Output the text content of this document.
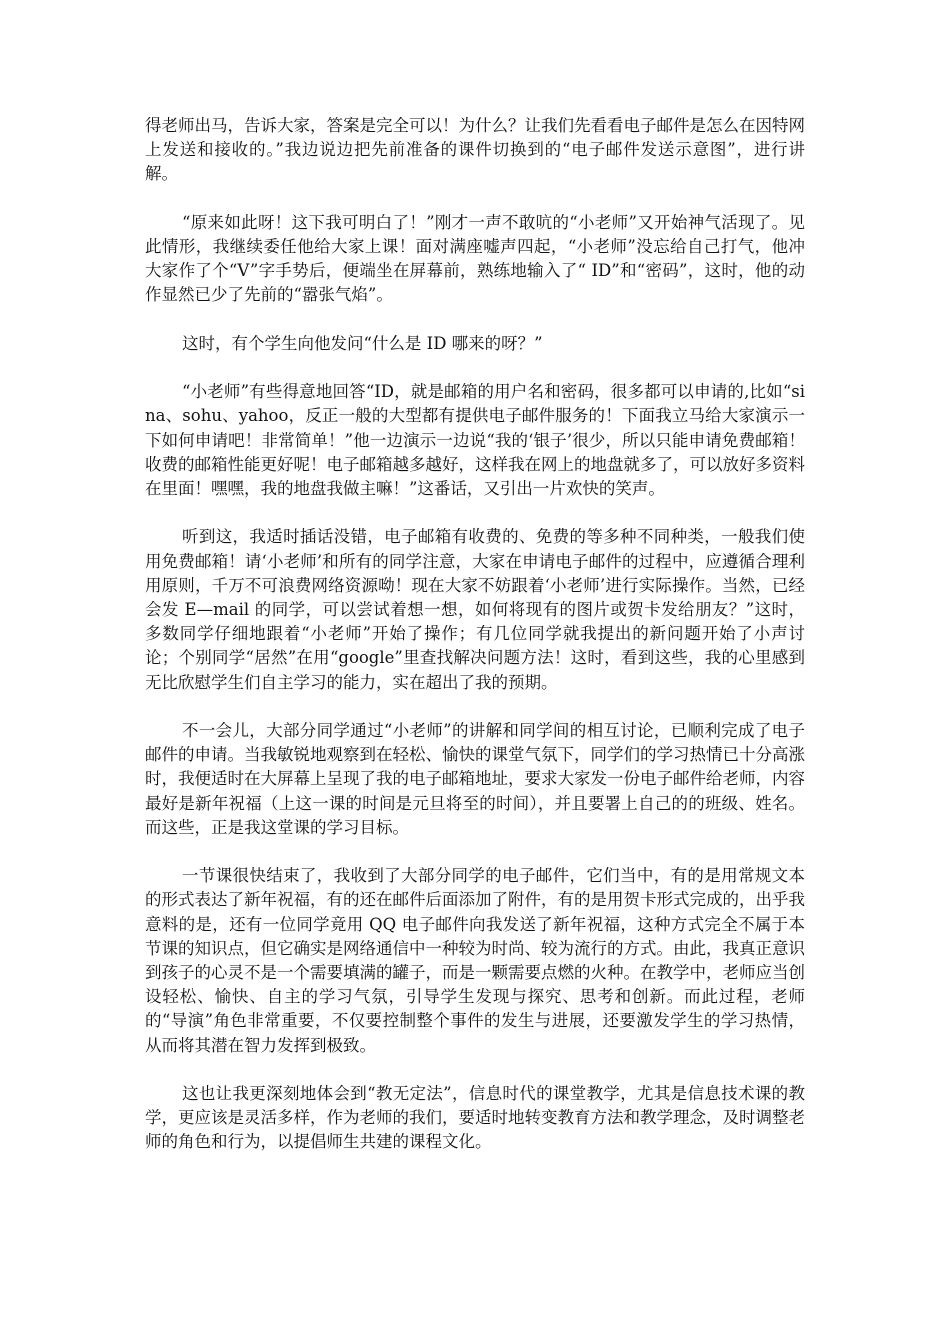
得老师出马，告诉大家，答案是完全可以！为什么？让我们先看看电子邮件是怎么在因特网上发送和接收的。”我边说边把先前准备的课件切换到的“电子邮件发送示意图”，进行讲解。

“原来如此呀！这下我可明白了！”刚才一声不敢吭的“小老师”又开始神气活现了。见此情形，我继续委任他给大家上课！面对满座嘘声四起，“小老师”没忘给自己打气，他冲大家作了个“V”字手势后，便端坐在屏幕前，熟练地输入了“ ID”和“密码”，这时，他的动作显然已少了先前的“嚣张气焰”。

这时，有个学生向他发问“什么是 ID 哪来的呀？”

“小老师”有些得意地回答“ID，就是邮箱的用户名和密码，很多都可以申请的,比如“sina、sohu、yahoo，反正一般的大型都有提供电子邮件服务的！下面我立马给大家演示一下如何申请吧！非常简单！”他一边演示一边说“我的‘银子’很少，所以只能申请免费邮箱！收费的邮箱性能更好呢！电子邮箱越多越好，这样我在网上的地盘就多了，可以放好多资料在里面！嘿嘿，我的地盘我做主嘛！”这番话，又引出一片欢快的笑声。

听到这，我适时插话没错，电子邮箱有收费的、免费的等多种不同种类，一般我们使用免费邮箱！请‘小老师’和所有的同学注意，大家在申请电子邮件的过程中，应遵循合理利用原则，千万不可浪费网络资源呦！现在大家不妨跟着‘小老师’进行实际操作。当然，已经会发 E—mail 的同学，可以尝试着想一想，如何将现有的图片或贺卡发给朋友？”这时，多数同学仔细地跟着“小老师”开始了操作；有几位同学就我提出的新问题开始了小声讨论；个别同学“居然”在用“google”里查找解决问题方法！这时，看到这些，我的心里感到无比欣慰学生们自主学习的能力，实在超出了我的预期。

不一会儿，大部分同学通过“小老师”的讲解和同学间的相互讨论，已顺利完成了电子邮件的申请。当我敏锐地观察到在轻松、愉快的课堂气氛下，同学们的学习热情已十分高涨时，我便适时在大屏幕上呈现了我的电子邮箱地址，要求大家发一份电子邮件给老师，内容最好是新年祝福（上这一课的时间是元旦将至的时间），并且要署上自己的的班级、姓名。而这些，正是我这堂课的学习目标。

一节课很快结束了，我收到了大部分同学的电子邮件，它们当中，有的是用常规文本的形式表达了新年祝福，有的还在邮件后面添加了附件，有的是用贺卡形式完成的，出乎我意料的是，还有一位同学竟用 QQ 电子邮件向我发送了新年祝福，这种方式完全不属于本节课的知识点，但它确实是网络通信中一种较为时尚、较为流行的方式。由此，我真正意识到孩子的心灵不是一个需要填满的罐子，而是一颗需要点燃的火种。在教学中，老师应当创设轻松、愉快、自主的学习气氛，引导学生发现与探究、思考和创新。而此过程，老师的“导演”角色非常重要，不仅要控制整个事件的发生与进展，还要激发学生的学习热情，从而将其潜在智力发挥到极致。

这也让我更深刻地体会到“教无定法”，信息时代的课堂教学，尤其是信息技术课的教学，更应该是灵活多样，作为老师的我们，要适时地转变教育方法和教学理念，及时调整老师的角色和行为，以提倡师生共建的课程文化。
